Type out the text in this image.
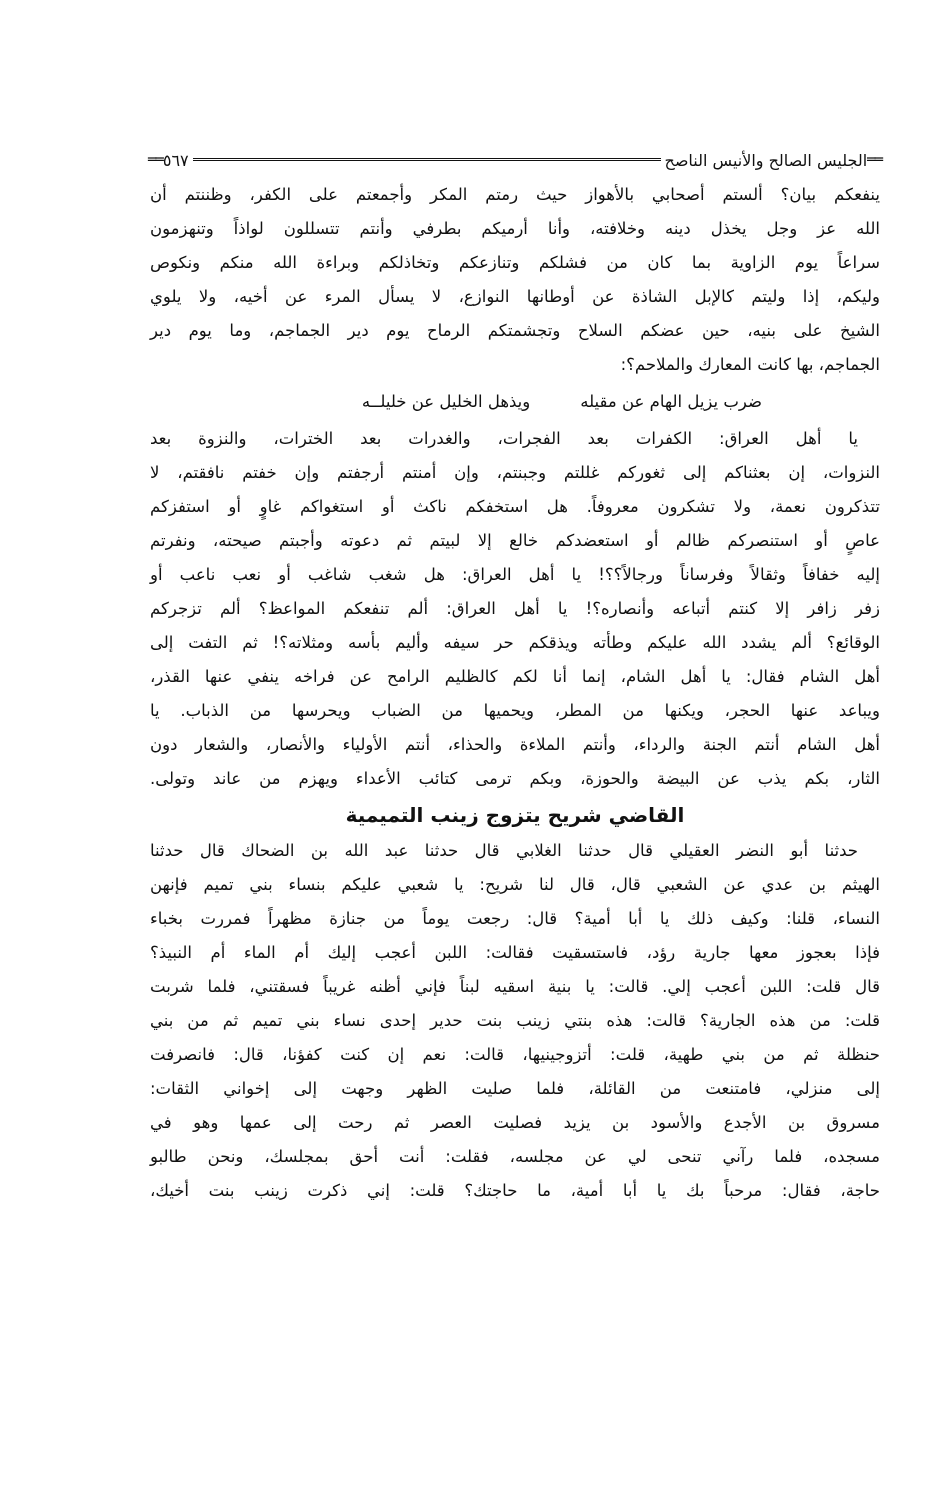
══
الجليس الصالح والأنيس الناصح
٥٦٧
══
ينفعكم بيان؟ ألستم أصحابي بالأهواز حيث رمتم المكر وأجمعتم على الكفر، وظننتم أن
الله عز وجل يخذل دينه وخلافته، وأنا أرميكم بطرفي وأنتم تتسللون لواذاً وتنهزمون
سراعاً يوم الزاوية بما كان من فشلكم وتنازعكم وتخاذلكم وبراءة الله منكم ونكوص
وليكم، إذا وليتم كالإبل الشاذة عن أوطانها النوازع، لا يسأل المرء عن أخيه، ولا يلوي
الشيخ على بنيه، حين عضكم السلاح وتجشمتكم الرماح يوم دير الجماجم، وما يوم دير
الجماجم، بها كانت المعارك والملاحم؟:
ضرب يزيل الهام عن مقيله
ويذهل الخليل عن خليلــه
يا أهل العراق: الكفرات بعد الفجرات، والغدرات بعد الخترات، والنزوة بعد
النزوات، إن بعثناكم إلى ثغوركم غللتم وجبنتم، وإن أمنتم أرجفتم وإن خفتم نافقتم، لا
تتذكرون نعمة، ولا تشكرون معروفاً. هل استخفكم ناكث أو استغواكم غاوٍ أو استفزكم
عاصٍ أو استنصركم ظالم أو استعضدكم خالع إلا لبيتم ثم دعوته وأجبتم صيحته، ونفرتم
إليه خفافاً وثقالاً وفرساناً ورجالاً؟؟! يا أهل العراق: هل شغب شاغب أو نعب ناعب أو
زفر زافر إلا كنتم أتباعه وأنصاره؟! يا أهل العراق: ألم تنفعكم المواعظ؟ ألم تزجركم
الوقائع؟ ألم يشدد الله عليكم وطأته ويذقكم حر سيفه وأليم بأسه ومثلاته؟! ثم التفت إلى
أهل الشام فقال: يا أهل الشام، إنما أنا لكم كالظليم الرامح عن فراخه ينفي عنها القذر،
ويباعد عنها الحجر، ويكنها من المطر، ويحميها من الضباب ويحرسها من الذباب. يا
أهل الشام أنتم الجنة والرداء، وأنتم الملاءة والحذاء، أنتم الأولياء والأنصار، والشعار دون
الثار، بكم يذب عن البيضة والحوزة، وبكم ترمى كتائب الأعداء ويهزم من عاند وتولى.
القاضي شريح يتزوج زينب التميمية
حدثنا أبو النضر العقيلي قال حدثنا الغلابي قال حدثنا عبد الله بن الضحاك قال حدثنا
الهيثم بن عدي عن الشعبي قال، قال لنا شريح: يا شعبي عليكم بنساء بني تميم فإنهن
النساء، قلنا: وكيف ذلك يا أبا أمية؟ قال: رجعت يوماً من جنازة مظهراً فمررت بخباء
فإذا بعجوز معها جارية رؤد، فاستسقيت فقالت: اللبن أعجب إليك أم الماء أم النبيذ؟
قال قلت: اللبن أعجب إلي. قالت: يا بنية اسقيه لبناً فإني أظنه غريباً فسقتني، فلما شربت
قلت: من هذه الجارية؟ قالت: هذه بنتي زينب بنت حدير إحدى نساء بني تميم ثم من بني
حنظلة ثم من بني طهية، قلت: أتزوجينيها، قالت: نعم إن كنت كفؤنا، قال: فانصرفت
إلى منزلي، فامتنعت من القائلة، فلما صليت الظهر وجهت إلى إخواني الثقات:
مسروق بن الأجدع والأسود بن يزيد فصليت العصر ثم رحت إلى عمها وهو في
مسجده، فلما رآني تنحى لي عن مجلسه، فقلت: أنت أحق بمجلسك، ونحن طالبو
حاجة، فقال: مرحباً بك يا أبا أمية، ما حاجتك؟ قلت: إني ذكرت زينب بنت أخيك،
